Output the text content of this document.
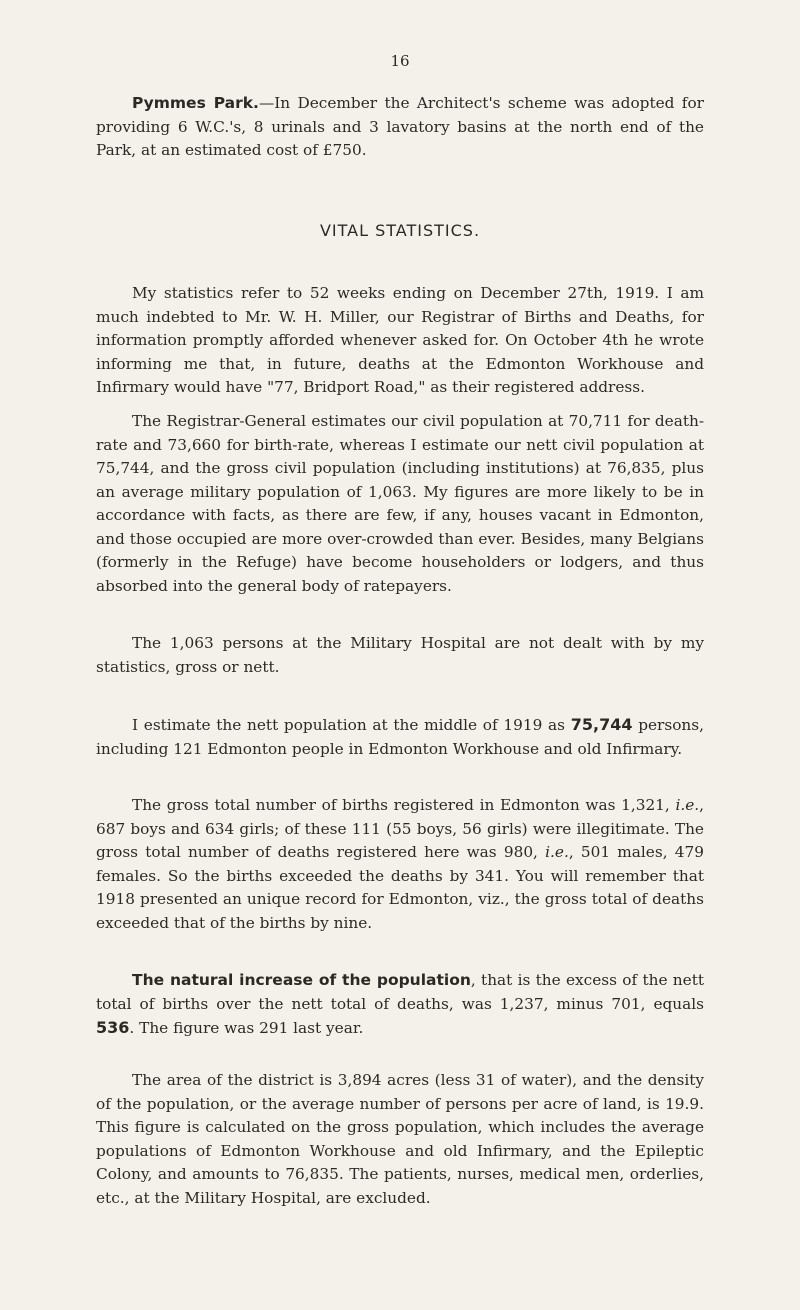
16

Pymmes Park.—In December the Architect's scheme was adopted for providing 6 W.C.'s, 8 urinals and 3 lavatory basins at the north end of the Park, at an estimated cost of £750.

VITAL STATISTICS.

My statistics refer to 52 weeks ending on December 27th, 1919. I am much indebted to Mr. W. H. Miller, our Registrar of Births and Deaths, for information promptly afforded whenever asked for. On October 4th he wrote informing me that, in future, deaths at the Edmonton Workhouse and Infirmary would have "77, Bridport Road," as their registered address.

The Registrar-General estimates our civil population at 70,711 for death-rate and 73,660 for birth-rate, whereas I estimate our nett civil population at 75,744, and the gross civil population (including institutions) at 76,835, plus an average military population of 1,063. My figures are more likely to be in accordance with facts, as there are few, if any, houses vacant in Edmonton, and those occupied are more over-crowded than ever. Besides, many Belgians (formerly in the Refuge) have become householders or lodgers, and thus absorbed into the general body of ratepayers.

The 1,063 persons at the Military Hospital are not dealt with by my statistics, gross or nett.

I estimate the nett population at the middle of 1919 as 75,744 persons, including 121 Edmonton people in Edmonton Workhouse and old Infirmary.

The gross total number of births registered in Edmonton was 1,321, i.e., 687 boys and 634 girls; of these 111 (55 boys, 56 girls) were illegitimate. The gross total number of deaths registered here was 980, i.e., 501 males, 479 females. So the births exceeded the deaths by 341. You will remember that 1918 presented an unique record for Edmonton, viz., the gross total of deaths exceeded that of the births by nine.

The natural increase of the population, that is the excess of the nett total of births over the nett total of deaths, was 1,237, minus 701, equals 536. The figure was 291 last year.

The area of the district is 3,894 acres (less 31 of water), and the density of the population, or the average number of persons per acre of land, is 19.9. This figure is calculated on the gross population, which includes the average populations of Edmonton Workhouse and old Infirmary, and the Epileptic Colony, and amounts to 76,835. The patients, nurses, medical men, orderlies, etc., at the Military Hospital, are excluded.
